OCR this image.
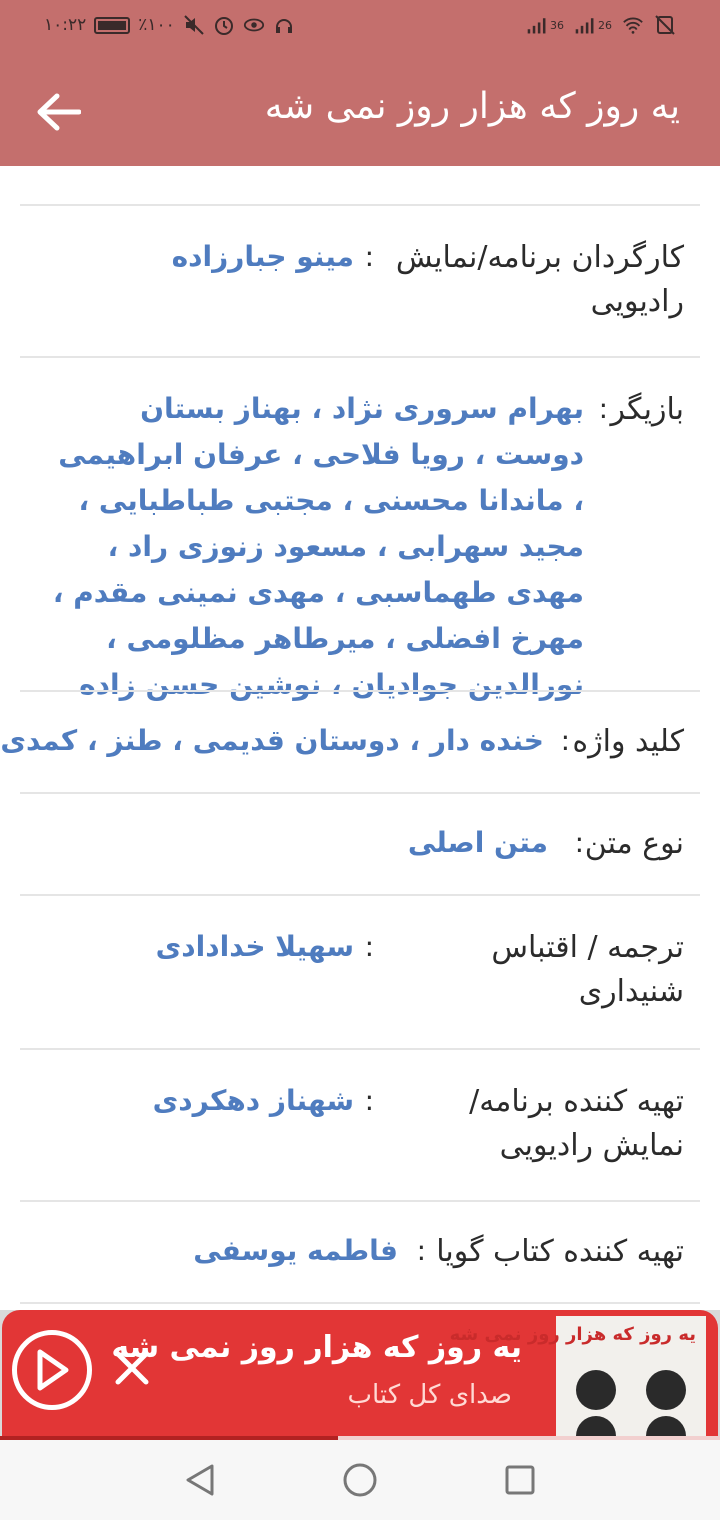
۱۰:۲۲	٪۱۰۰	36	26
یه روز که هزار روز نمی شه
کارگردان برنامه/نمایش رادیویی
:
مینو جبارزاده
بازیگر
:
بهرام سروری نژاد ، بهناز بستان دوست ، رویا فلاحی ، عرفان ابراهیمی ، ماندانا محسنی ، مجتبی طباطبایی ، مجید سهرابی ، مسعود زنوزی راد ، مهدی طهماسبی ، مهدی نمینی مقدم ، مهرخ افضلی ، میرطاهر مظلومی ، نورالدین جوادیان ، نوشین حسن زاده
کلید واژه
:
خنده دار ، دوستان قدیمی ، طنز ، کمدی
نوع متن
:
متن اصلی
ترجمه / اقتباس شنیداری
:
سهیلا خدادادی
تهیه کننده برنامه/ نمایش رادیویی
:
شهناز دهکردی
تهیه کننده کتاب گویا
:
فاطمه یوسفی
یه روز که هزار روز نمی شه
یه روز که هزار روز نمی شه
صدای کل کتاب
